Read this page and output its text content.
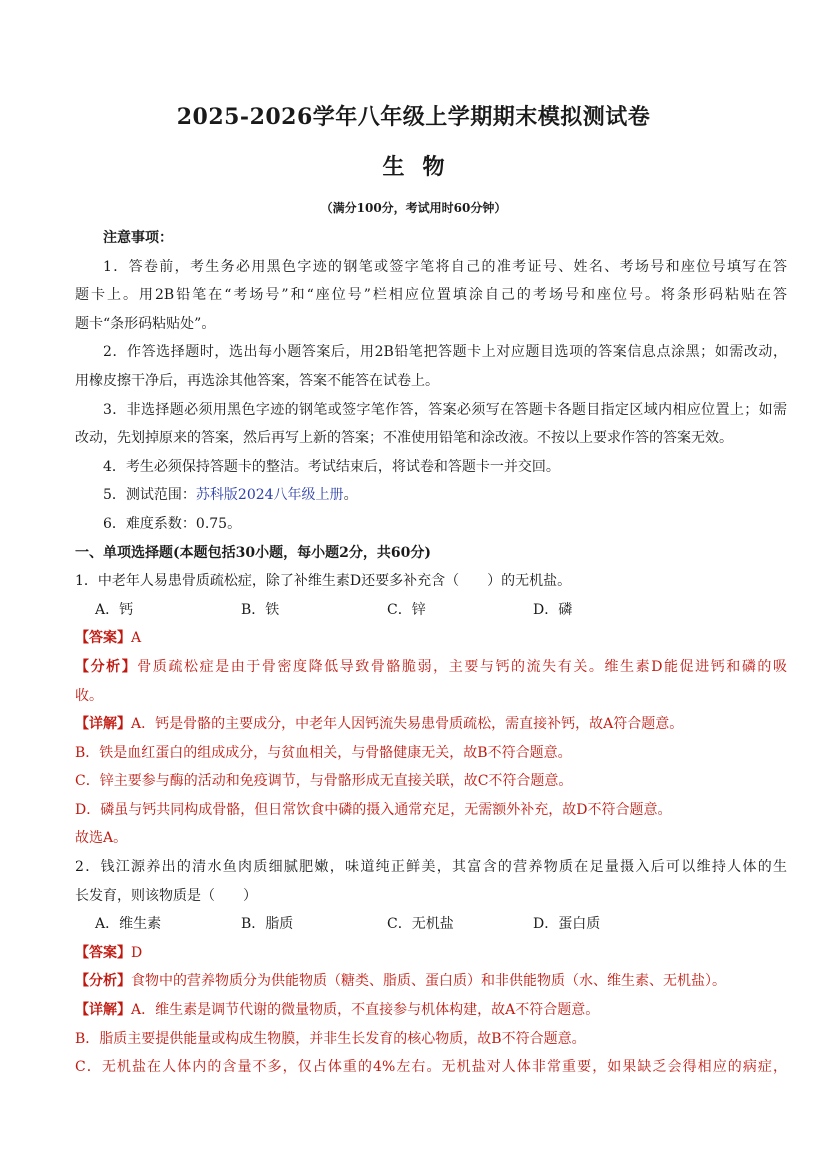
2025-2026学年八年级上学期期末模拟测试卷
生物
（满分100分，考试用时60分钟）
注意事项：
1．答卷前，考生务必用黑色字迹的钢笔或签字笔将自己的准考证号、姓名、考场号和座位号填写在答
题卡上。用2B铅笔在“考场号”和“座位号”栏相应位置填涂自己的考场号和座位号。将条形码粘贴在答
题卡“条形码粘贴处”。
2．作答选择题时，选出每小题答案后，用2B铅笔把答题卡上对应题目选项的答案信息点涂黑；如需改动，
用橡皮擦干净后，再选涂其他答案，答案不能答在试卷上。
3．非选择题必须用黑色字迹的钢笔或签字笔作答，答案必须写在答题卡各题目指定区域内相应位置上；如需
改动，先划掉原来的答案，然后再写上新的答案；不准使用铅笔和涂改液。不按以上要求作答的答案无效。
4．考生必须保持答题卡的整洁。考试结束后，将试卷和答题卡一并交回。
5．测试范围：苏科版2024八年级上册。
6．难度系数：0.75。
一、单项选择题(本题包括30小题，每小题2分，共60分)
1．中老年人易患骨质疏松症，除了补维生素D还要多补充含（　　）的无机盐。
A．钙	B．铁	C．锌	D．磷
【答案】A
【分析】骨质疏松症是由于骨密度降低导致骨骼脆弱，主要与钙的流失有关。维生素D能促进钙和磷的吸
收。
【详解】A．钙是骨骼的主要成分，中老年人因钙流失易患骨质疏松，需直接补钙，故A符合题意。
B．铁是血红蛋白的组成成分，与贫血相关，与骨骼健康无关，故B不符合题意。
C．锌主要参与酶的活动和免疫调节，与骨骼形成无直接关联，故C不符合题意。
D．磷虽与钙共同构成骨骼，但日常饮食中磷的摄入通常充足，无需额外补充，故D不符合题意。
故选A。
2．钱江源养出的清水鱼肉质细腻肥嫩，味道纯正鲜美，其富含的营养物质在足量摄入后可以维持人体的生
长发育，则该物质是（　　）
A．维生素	B．脂质	C．无机盐	D．蛋白质
【答案】D
【分析】食物中的营养物质分为供能物质（糖类、脂质、蛋白质）和非供能物质（水、维生素、无机盐）。
【详解】A．维生素是调节代谢的微量物质，不直接参与机体构建，故A不符合题意。
B．脂质主要提供能量或构成生物膜，并非生长发育的核心物质，故B不符合题意。
C．无机盐在人体内的含量不多，仅占体重的4%左右。无机盐对人体非常重要，如果缺乏会得相应的病症，
